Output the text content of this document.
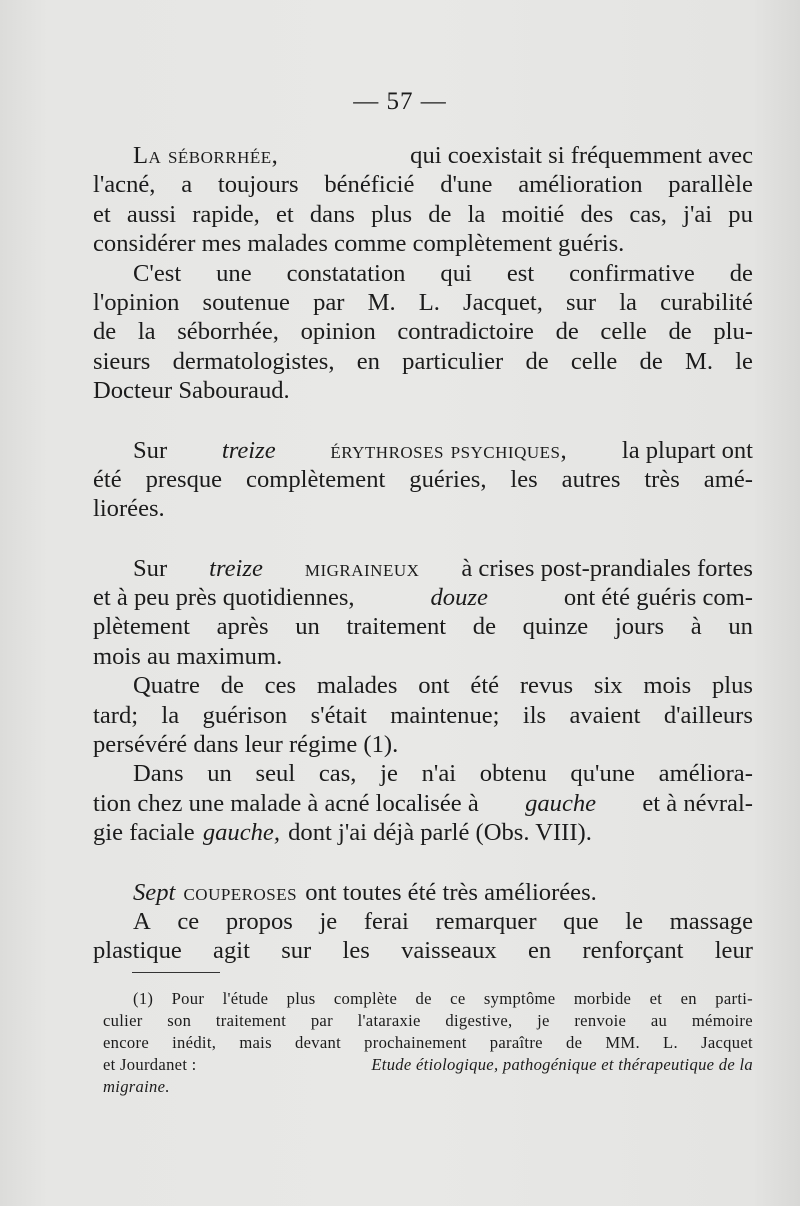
— 57 —
La séborrhée,	qui coexistait si fréquemment avec
l'acné, a toujours bénéficié d'une amélioration parallèle
et aussi rapide, et dans plus de la moitié des cas, j'ai pu
considérer mes malades comme complètement guéris.
C'est une constatation qui est confirmative de
l'opinion soutenue par M. L. Jacquet, sur la curabilité
de la séborrhée, opinion contradictoire de celle de plu-
sieurs dermatologistes, en particulier de celle de M. le
Docteur Sabouraud.
Sur treize érythroses psychiques, la plupart ont
été presque complètement guéries, les autres très amé-
liorées.
Sur treize migraineux à crises post-prandiales fortes
et à peu près quotidiennes,	douze	ont été guéris com-
plètement après un traitement de quinze jours à un
mois au maximum.
Quatre de ces malades ont été revus six mois plus
tard; la guérison s'était maintenue; ils avaient d'ailleurs
persévéré dans leur régime (1).
Dans un seul cas, je n'ai obtenu qu'une améliora-
tion chez une malade à acné localisée à gauche et à névral-
gie faciale gauche, dont j'ai déjà parlé (Obs. VIII).
Sept couperoses ont toutes été très améliorées.
A ce propos je ferai remarquer que le massage
plastique agit sur les vaisseaux en renforçant leur
(1) Pour l'étude plus complète de ce symptôme morbide et en parti-
culier son traitement par l'ataraxie digestive, je renvoie au mémoire
encore inédit, mais devant prochainement paraître de MM. L. Jacquet
et Jourdanet :	Etude étiologique, pathogénique et thérapeutique de la
migraine.
